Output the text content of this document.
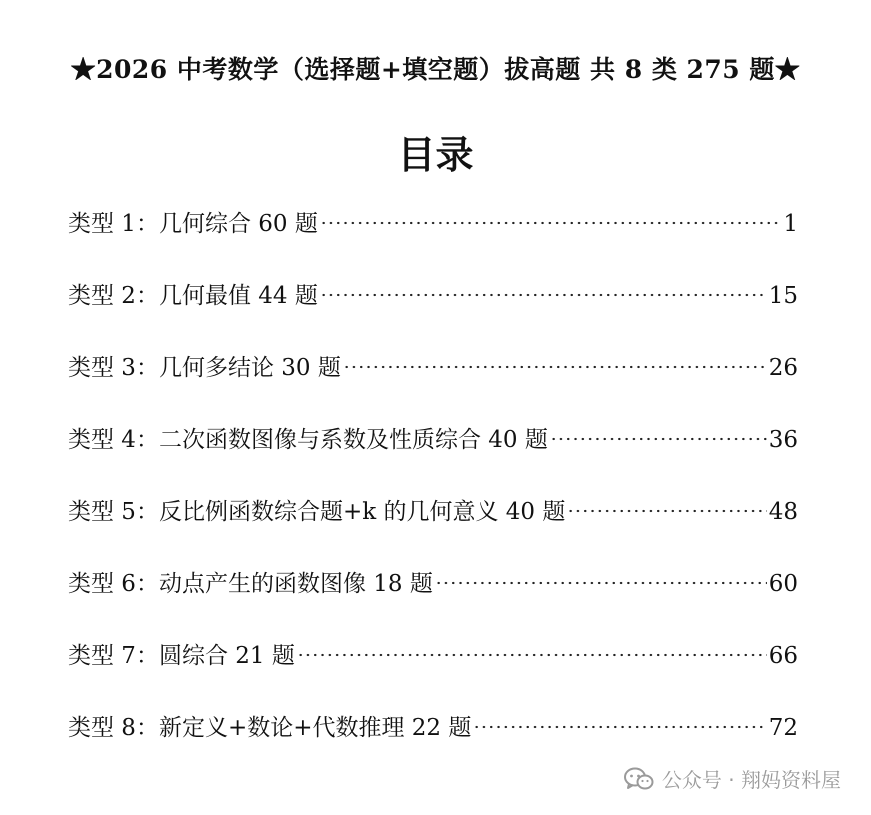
★2026 中考数学（选择题+填空题）拔高题 共 8 类 275 题★
目录
类型 1：几何综合 60 题	1
类型 2：几何最值 44 题	15
类型 3：几何多结论 30 题	26
类型 4：二次函数图像与系数及性质综合 40 题	36
类型 5：反比例函数综合题+k 的几何意义 40 题	48
类型 6：动点产生的函数图像 18 题	60
类型 7：圆综合 21 题	66
类型 8：新定义+数论+代数推理 22 题	72
公众号 · 翔妈资料屋
